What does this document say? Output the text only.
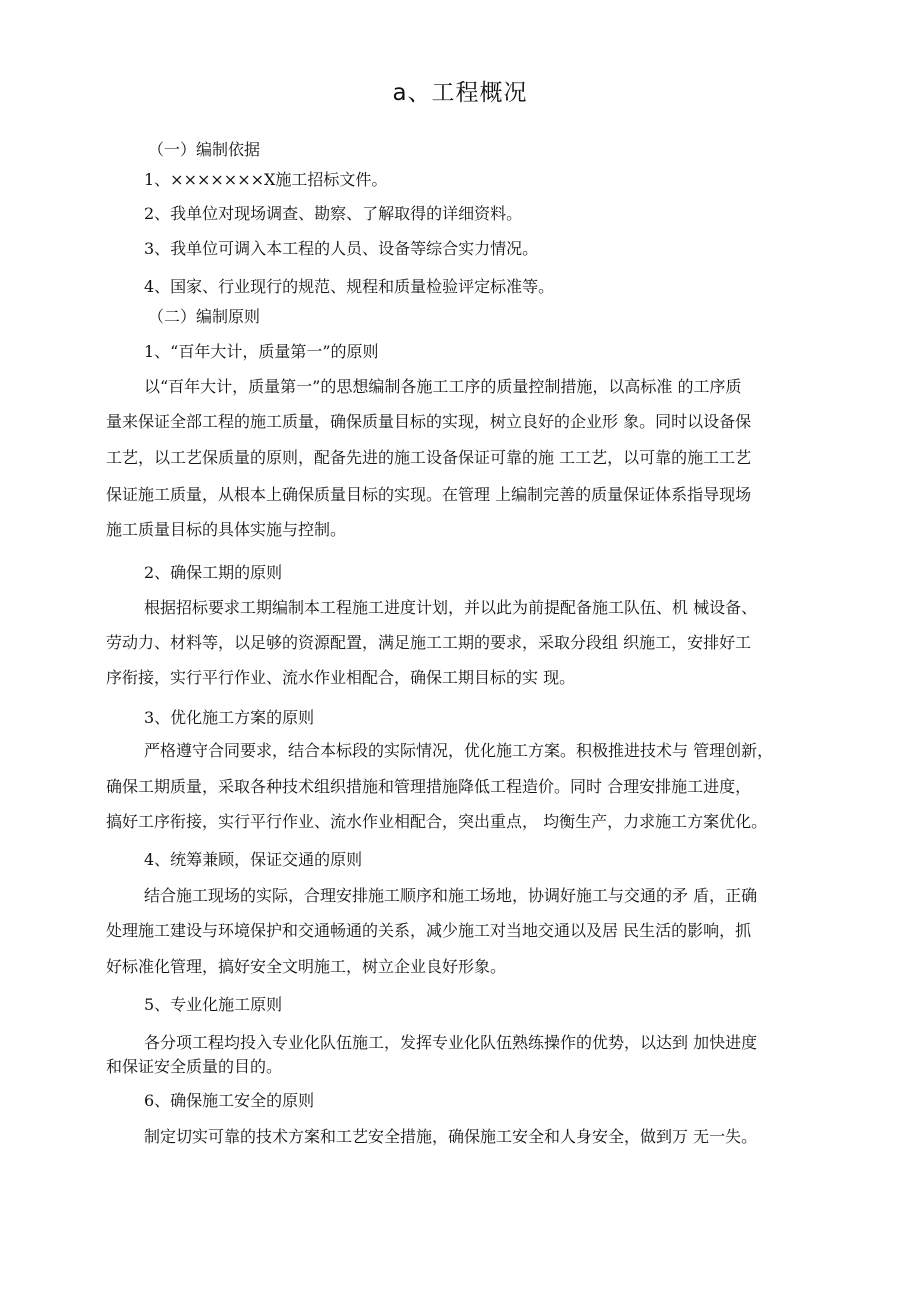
a、工程概况
（一）编制依据
1、×××××××X施工招标文件。
2、我单位对现场调查、勘察、了解取得的详细资料。
3、我单位可调入本工程的人员、设备等综合实力情况。
4、国家、行业现行的规范、规程和质量检验评定标准等。
（二）编制原则
1、“百年大计，质量第一”的原则
以“百年大计，质量第一”的思想编制各施工工序的质量控制措施，以高标准 的工序质
量来保证全部工程的施工质量，确保质量目标的实现，树立良好的企业形 象。同时以设备保
工艺，以工艺保质量的原则，配备先进的施工设备保证可靠的施 工工艺，以可靠的施工工艺
保证施工质量，从根本上确保质量目标的实现。在管理 上编制完善的质量保证体系指导现场
施工质量目标的具体实施与控制。
2、确保工期的原则
根据招标要求工期编制本工程施工进度计划，并以此为前提配备施工队伍、机 械设备、
劳动力、材料等，以足够的资源配置，满足施工工期的要求，采取分段组 织施工，安排好工
序衔接，实行平行作业、流水作业相配合，确保工期目标的实 现。
3、优化施工方案的原则
严格遵守合同要求，结合本标段的实际情况，优化施工方案。积极推进技术与 管理创新，
确保工期质量，采取各种技术组织措施和管理措施降低工程造价。同时 合理安排施工进度，
搞好工序衔接，实行平行作业、流水作业相配合，突出重点， 均衡生产，力求施工方案优化。
4、统筹兼顾，保证交通的原则
结合施工现场的实际，合理安排施工顺序和施工场地，协调好施工与交通的矛 盾，正确
处理施工建设与环境保护和交通畅通的关系，减少施工对当地交通以及居 民生活的影响，抓
好标准化管理，搞好安全文明施工，树立企业良好形象。
5、专业化施工原则
各分项工程均投入专业化队伍施工，发挥专业化队伍熟练操作的优势，以达到 加快进度
和保证安全质量的目的。
6、确保施工安全的原则
制定切实可靠的技术方案和工艺安全措施，确保施工安全和人身安全，做到万 无一失。
